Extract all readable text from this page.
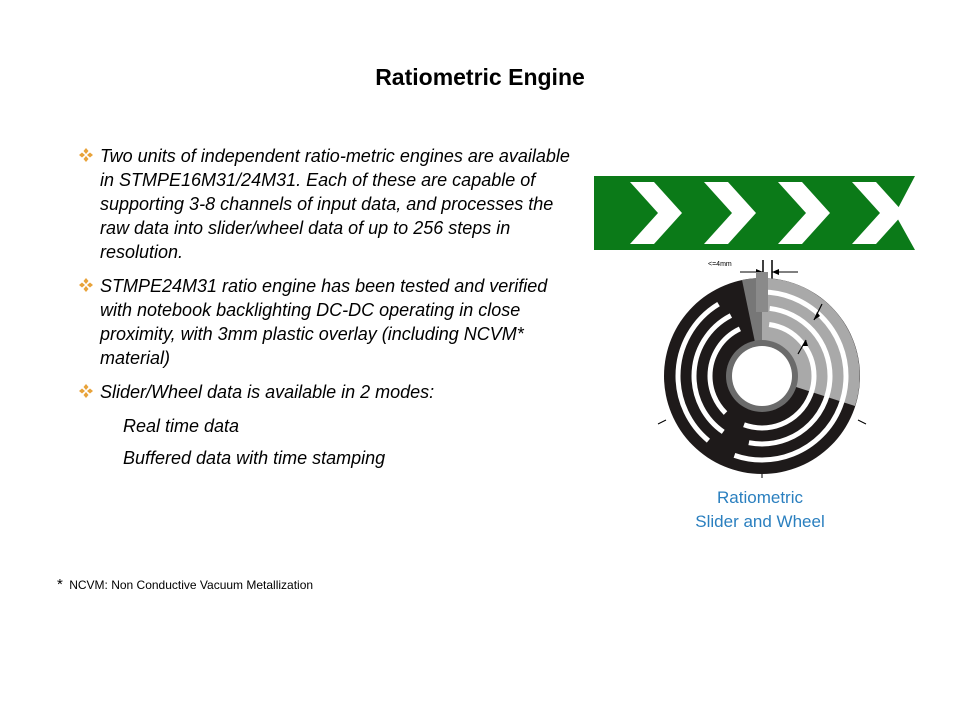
Ratiometric Engine
Two units of independent ratio-metric engines are available in STMPE16M31/24M31. Each of these are capable of supporting 3-8 channels of input data, and processes the raw data into slider/wheel data of up to 256 steps in resolution.
STMPE24M31 ratio engine has been tested and verified with notebook backlighting DC-DC operating in close proximity, with 3mm plastic overlay (including NCVM* material)
Slider/Wheel data is available in 2 modes:
Real time data
Buffered data with time stamping
<=4mm
Ratiometric
Slider and Wheel
* NCVM: Non Conductive Vacuum Metallization
